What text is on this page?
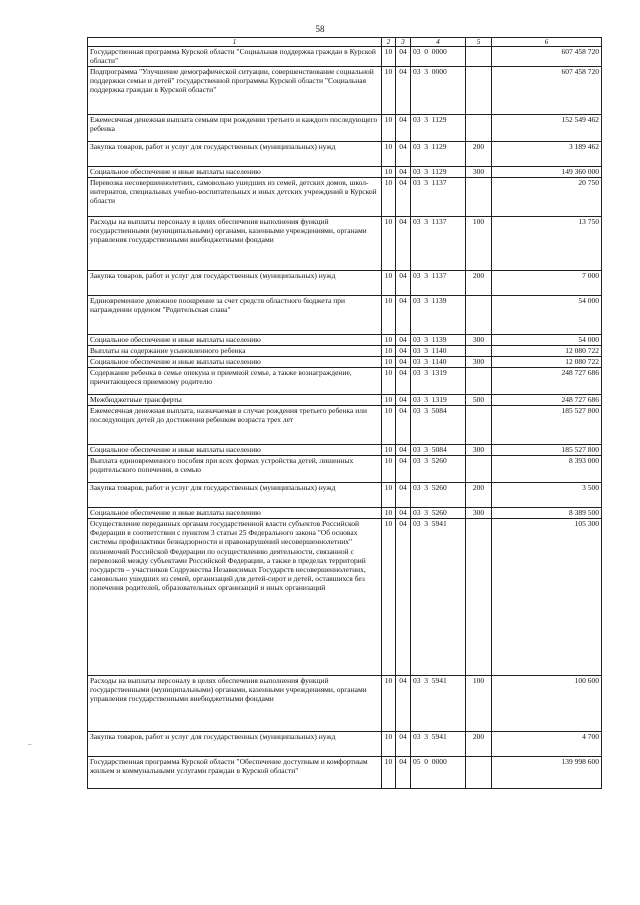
58
–
1	2	3	4	5	6
Государственная программа Курской области "Социальная поддержка граждан в Курской области"	10	04	03  0  0000		607 458 720
Подпрограмма "Улучшение демографической ситуации, совершенствование социальной поддержки семьи и детей" государственной программы Курской области "Социальная поддержка граждан в Курской области"	10	04	03  3  0000		607 458 720
Ежемесячная денежная выплата семьям при рождении третьего и каждого последующего ребенка	10	04	03  3  1129		152 549 462
Закупка товаров, работ и услуг для государственных (муниципальных) нужд	10	04	03  3  1129	200	3 189 462
Социальное обеспечение и иные выплаты населению	10	04	03  3  1129	300	149 360 000
Перевозка несовершеннолетних, самовольно ушедших из семей, детских домов, школ-интернатов, специальных учебно-воспитательных и иных детских учреждений в Курской области	10	04	03  3  1137		20 750
Расходы на выплаты персоналу в целях обеспечения выполнения функций государственными (муниципальными) органами, казенными учреждениями, органами управления государственными внебюджетными фондами	10	04	03  3  1137	100	13 750
Закупка товаров, работ и услуг для государственных (муниципальных) нужд	10	04	03  3  1137	200	7 000
Единовременное денежное поощрение за счет средств областного бюджета при награждении орденом "Родительская слава"	10	04	03  3  1139		54 000
Социальное обеспечение и иные выплаты населению	10	04	03  3  1139	300	54 000
Выплаты на содержание усыновленного ребенка	10	04	03  3  1140		12 080 722
Социальное обеспечение и иные выплаты населению	10	04	03  3  1140	300	12 080 722
Содержание ребенка в семье опекуна и приемной семье, а также вознаграждение, причитающееся приемному родителю	10	04	03  3  1319		248 727 686
Межбюджетные трансферты	10	04	03  3  1319	500	248 727 686
Ежемесячная денежная выплата, назначаемая в случае рождения третьего ребенка или последующих детей до достижения ребенком возраста трех лет	10	04	03  3  5084		185 527 800
Социальное обеспечение и иные выплаты населению	10	04	03  3  5084	300	185 527 800
Выплата единовременного пособия при всех формах устройства детей, лишенных родительского попечения, в семью	10	04	03  3  5260		8 393 000
Закупка товаров, работ и услуг для государственных (муниципальных) нужд	10	04	03  3  5260	200	3 500
Социальное обеспечение и иные выплаты населению	10	04	03  3  5260	300	8 389 500
Осуществление переданных органам государственной власти субъектов Российской Федерации в соответствии с пунктом 3 статьи 25 Федерального закона "Об основах системы профилактики безнадзорности и правонарушений несовершеннолетних" полномочий Российской Федерации по осуществлению деятельности, связанной с перевозкой между субъектами Российской Федерации, а также в пределах территорий государств – участников Содружества Независимых Государств несовершеннолетних, самовольно ушедших из семей, организаций для детей-сирот и детей, оставшихся без попечения родителей, образовательных организаций и иных организаций	10	04	03  3  5941		105 300
Расходы на выплаты персоналу в целях обеспечения выполнения функций государственными (муниципальными) органами, казенными учреждениями, органами управления государственными внебюджетными фондами	10	04	03  3  5941	100	100 600
Закупка товаров, работ и услуг для государственных (муниципальных) нужд	10	04	03  3  5941	200	4 700
Государственная программа Курской области "Обеспечение доступным и комфортным жильем и коммунальными услугами граждан в Курской области"	10	04	05  0  0000		139 998 600
